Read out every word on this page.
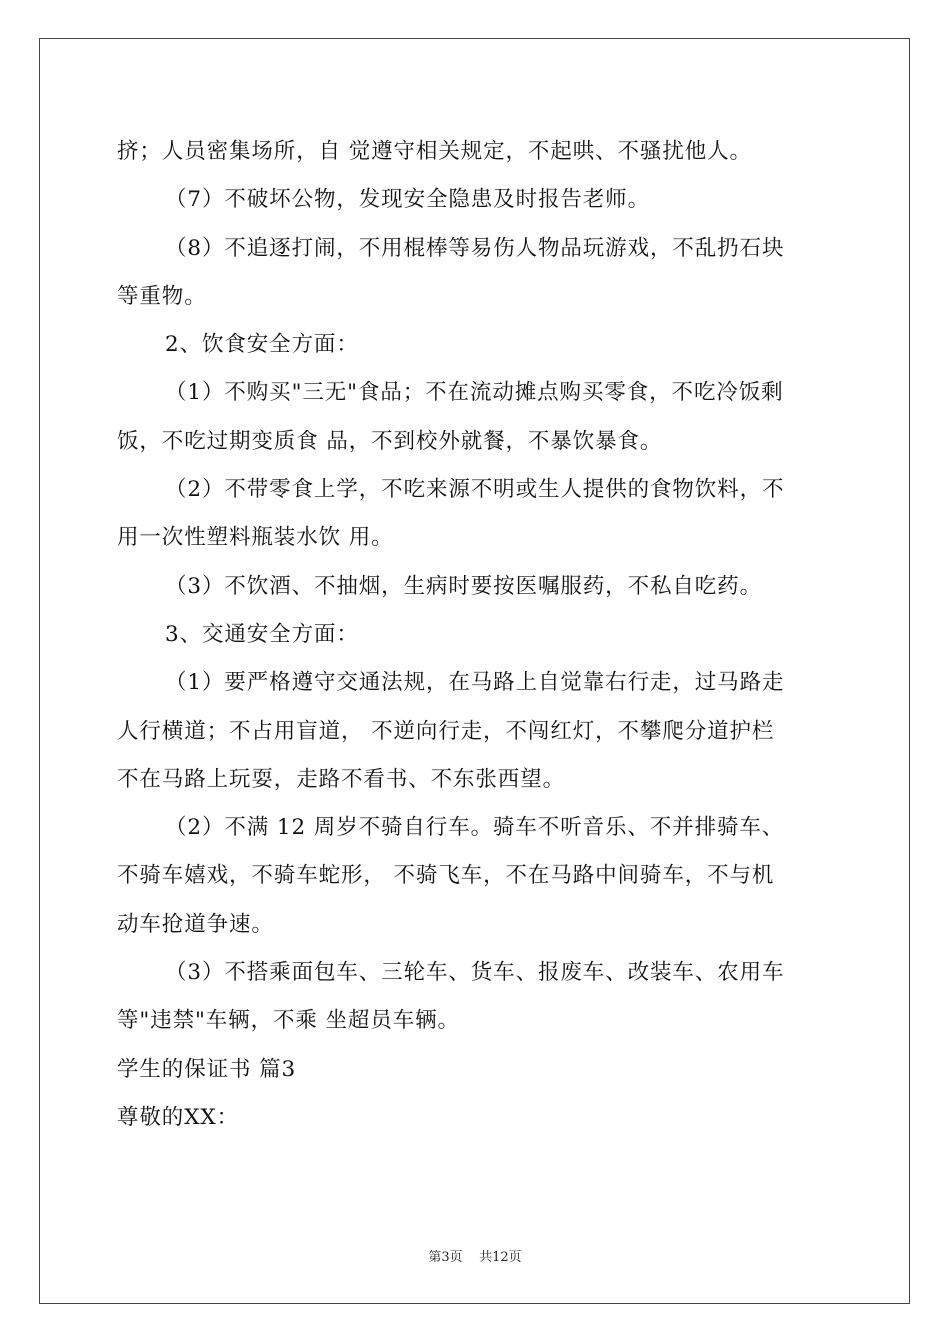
挤；人员密集场所，自 觉遵守相关规定，不起哄、不骚扰他人。
（7）不破坏公物，发现安全隐患及时报告老师。
（8）不追逐打闹，不用棍棒等易伤人物品玩游戏，不乱扔石块
等重物。
2、饮食安全方面：
（1）不购买"三无"食品；不在流动摊点购买零食，不吃冷饭剩
饭，不吃过期变质食 品，不到校外就餐，不暴饮暴食。
（2）不带零食上学，不吃来源不明或生人提供的食物饮料，不
用一次性塑料瓶装水饮 用。
（3）不饮酒、不抽烟，生病时要按医嘱服药，不私自吃药。
3、交通安全方面：
（1）要严格遵守交通法规，在马路上自觉靠右行走，过马路走
人行横道；不占用盲道， 不逆向行走，不闯红灯，不攀爬分道护栏
不在马路上玩耍，走路不看书、不东张西望。
（2）不满 12 周岁不骑自行车。骑车不听音乐、不并排骑车、
不骑车嬉戏，不骑车蛇形， 不骑飞车，不在马路中间骑车，不与机
动车抢道争速。
（3）不搭乘面包车、三轮车、货车、报废车、改装车、农用车
等"违禁"车辆，不乘 坐超员车辆。
学生的保证书 篇3
尊敬的XX：
第3页 共12页
